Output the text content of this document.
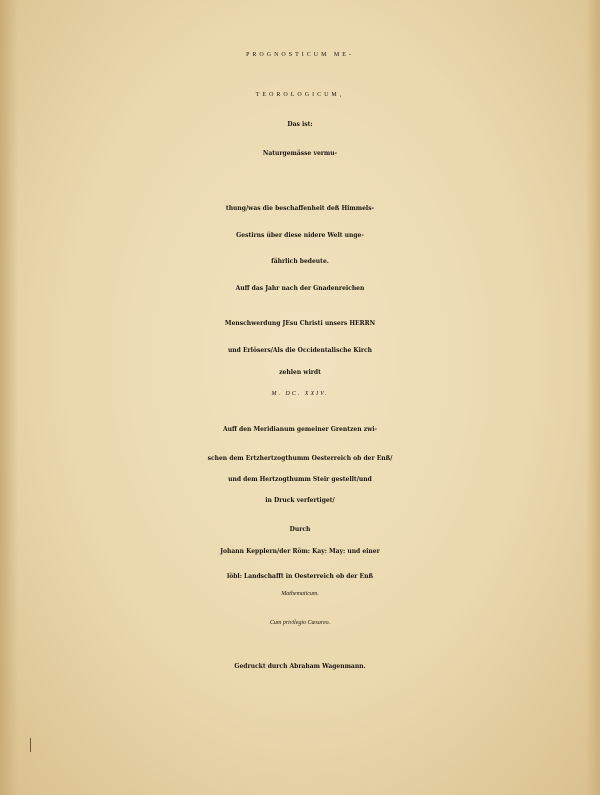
PROGNOSTICUM ME-
TEOROLOGICUM,
Das ist:
Naturgemässe vermu-
thung/was die beschaffenheit deß Himmels-
Gestirns über diese nidere Welt unge-
fährlich bedeute.
Auff das Jahr nach der Gnadenreichen
Menschwerdung JEsu Christi unsers HERRN
und Erlösers/Als die Occidentalische Kirch
zehlen wirdt
M. DC. XXIV.
Auff den Meridianum gemeiner Grentzen zwi-
schen dem Ertzhertzogthumm Oesterreich ob der Enß/
und dem Hertzogthumm Steir gestellt/und
in Druck verfertiget/
Durch
Johann Kepplern/der Röm: Kay: May: und einer
löbl: Landschafft in Oesterreich ob der Enß
Mathematicum.
Cum privilegio Cæsareo.
Gedruckt durch Abraham Wagenmann.
